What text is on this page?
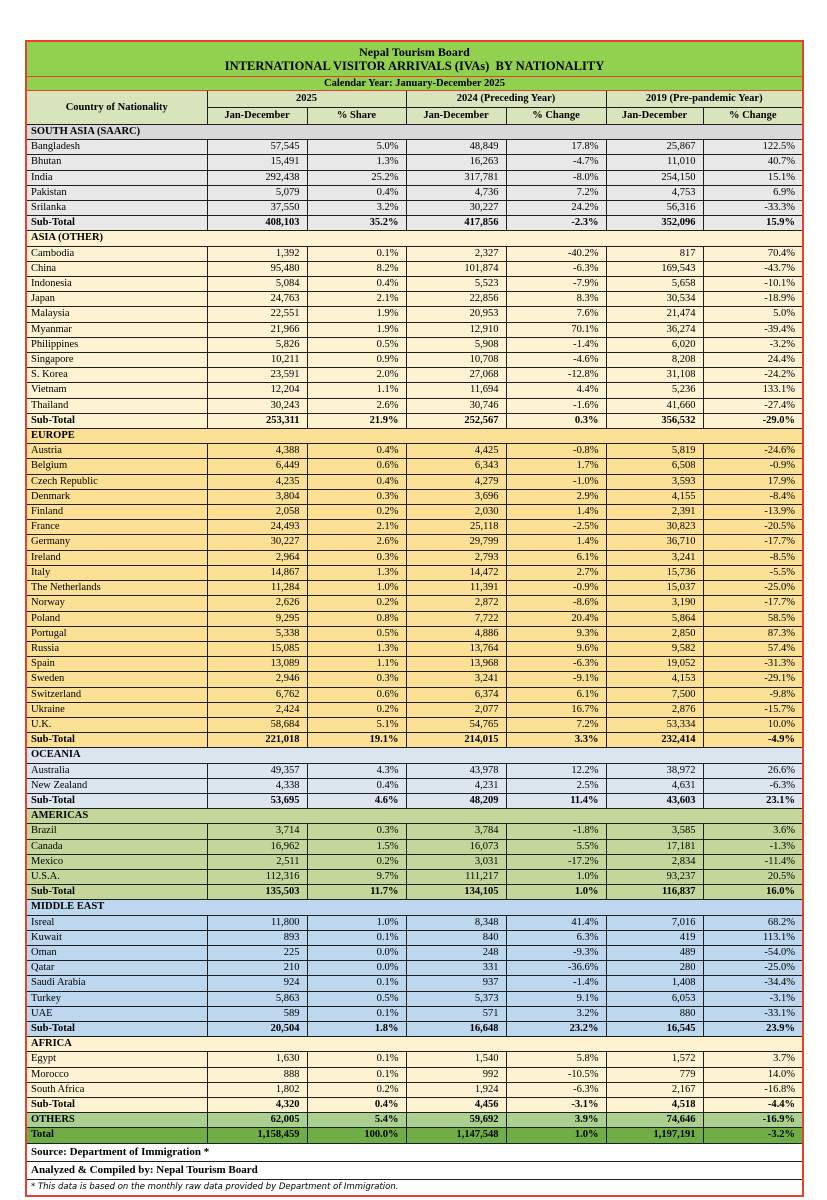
Nepal Tourism Board
INTERNATIONAL VISITOR ARRIVALS (IVAs)  BY NATIONALITY						

Calendar Year: January-December 2025						
Country of Nationality	2025		2024 (Preceding Year)		2019 (Pre-pandemic Year)	
	Jan-December	% Share	Jan-December	% Change	Jan-December	% Change
SOUTH ASIA (SAARC)						
Bangladesh	57,545	5.0%	48,849	17.8%	25,867	122.5%
Bhutan	15,491	1.3%	16,263	-4.7%	11,010	40.7%
India	292,438	25.2%	317,781	-8.0%	254,150	15.1%
Pakistan	5,079	0.4%	4,736	7.2%	4,753	6.9%
Srilanka	37,550	3.2%	30,227	24.2%	56,316	-33.3%
Sub-Total	408,103	35.2%	417,856	-2.3%	352,096	15.9%
ASIA (OTHER)						
Cambodia	1,392	0.1%	2,327	-40.2%	817	70.4%
China	95,480	8.2%	101,874	-6.3%	169,543	-43.7%
Indonesia	5,084	0.4%	5,523	-7.9%	5,658	-10.1%
Japan	24,763	2.1%	22,856	8.3%	30,534	-18.9%
Malaysia	22,551	1.9%	20,953	7.6%	21,474	5.0%
Myanmar	21,966	1.9%	12,910	70.1%	36,274	-39.4%
Philippines	5,826	0.5%	5,908	-1.4%	6,020	-3.2%
Singapore	10,211	0.9%	10,708	-4.6%	8,208	24.4%
S. Korea	23,591	2.0%	27,068	-12.8%	31,108	-24.2%
Vietnam	12,204	1.1%	11,694	4.4%	5,236	133.1%
Thailand	30,243	2.6%	30,746	-1.6%	41,660	-27.4%
Sub-Total	253,311	21.9%	252,567	0.3%	356,532	-29.0%
EUROPE						
Austria	4,388	0.4%	4,425	-0.8%	5,819	-24.6%
Belgium	6,449	0.6%	6,343	1.7%	6,508	-0.9%
Czech Republic	4,235	0.4%	4,279	-1.0%	3,593	17.9%
Denmark	3,804	0.3%	3,696	2.9%	4,155	-8.4%
Finland	2,058	0.2%	2,030	1.4%	2,391	-13.9%
France	24,493	2.1%	25,118	-2.5%	30,823	-20.5%
Germany	30,227	2.6%	29,799	1.4%	36,710	-17.7%
Ireland	2,964	0.3%	2,793	6.1%	3,241	-8.5%
Italy	14,867	1.3%	14,472	2.7%	15,736	-5.5%
The Netherlands	11,284	1.0%	11,391	-0.9%	15,037	-25.0%
Norway	2,626	0.2%	2,872	-8.6%	3,190	-17.7%
Poland	9,295	0.8%	7,722	20.4%	5,864	58.5%
Portugal	5,338	0.5%	4,886	9.3%	2,850	87.3%
Russia	15,085	1.3%	13,764	9.6%	9,582	57.4%
Spain	13,089	1.1%	13,968	-6.3%	19,052	-31.3%
Sweden	2,946	0.3%	3,241	-9.1%	4,153	-29.1%
Switzerland	6,762	0.6%	6,374	6.1%	7,500	-9.8%
Ukraine	2,424	0.2%	2,077	16.7%	2,876	-15.7%
U.K.	58,684	5.1%	54,765	7.2%	53,334	10.0%
Sub-Total	221,018	19.1%	214,015	3.3%	232,414	-4.9%
OCEANIA						
Australia	49,357	4.3%	43,978	12.2%	38,972	26.6%
New Zealand	4,338	0.4%	4,231	2.5%	4,631	-6.3%
Sub-Total	53,695	4.6%	48,209	11.4%	43,603	23.1%
AMERICAS						
Brazil	3,714	0.3%	3,784	-1.8%	3,585	3.6%
Canada	16,962	1.5%	16,073	5.5%	17,181	-1.3%
Mexico	2,511	0.2%	3,031	-17.2%	2,834	-11.4%
U.S.A.	112,316	9.7%	111,217	1.0%	93,237	20.5%
Sub-Total	135,503	11.7%	134,105	1.0%	116,837	16.0%
MIDDLE EAST						
Isreal	11,800	1.0%	8,348	41.4%	7,016	68.2%
Kuwait	893	0.1%	840	6.3%	419	113.1%
Oman	225	0.0%	248	-9.3%	489	-54.0%
Qatar	210	0.0%	331	-36.6%	280	-25.0%
Saudi Arabia	924	0.1%	937	-1.4%	1,408	-34.4%
Turkey	5,863	0.5%	5,373	9.1%	6,053	-3.1%
UAE	589	0.1%	571	3.2%	880	-33.1%
Sub-Total	20,504	1.8%	16,648	23.2%	16,545	23.9%
AFRICA						
Egypt	1,630	0.1%	1,540	5.8%	1,572	3.7%
Morocco	888	0.1%	992	-10.5%	779	14.0%
South Africa	1,802	0.2%	1,924	-6.3%	2,167	-16.8%
Sub-Total	4,320	0.4%	4,456	-3.1%	4,518	-4.4%
OTHERS	62,005	5.4%	59,692	3.9%	74,646	-16.9%
Total	1,158,459	100.0%	1,147,548	1.0%	1,197,191	-3.2%
Source: Department of Immigration *						
Analyzed & Compiled by: Nepal Tourism Board						
* This data is based on the monthly raw data provided by Department of Immigration.						
